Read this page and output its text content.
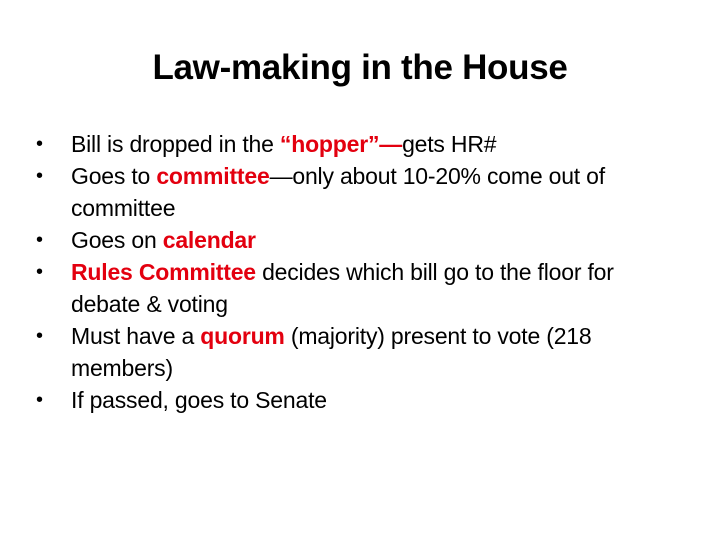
Law-making in the House
•	Bill is dropped in the “hopper”—gets HR#
•	Goes to committee—only about 10-20% come out of committee
•	Goes on calendar
•	Rules Committee decides which bill go to the floor for debate & voting
•	Must have a quorum (majority) present to vote (218 members)
•	If passed, goes to Senate
